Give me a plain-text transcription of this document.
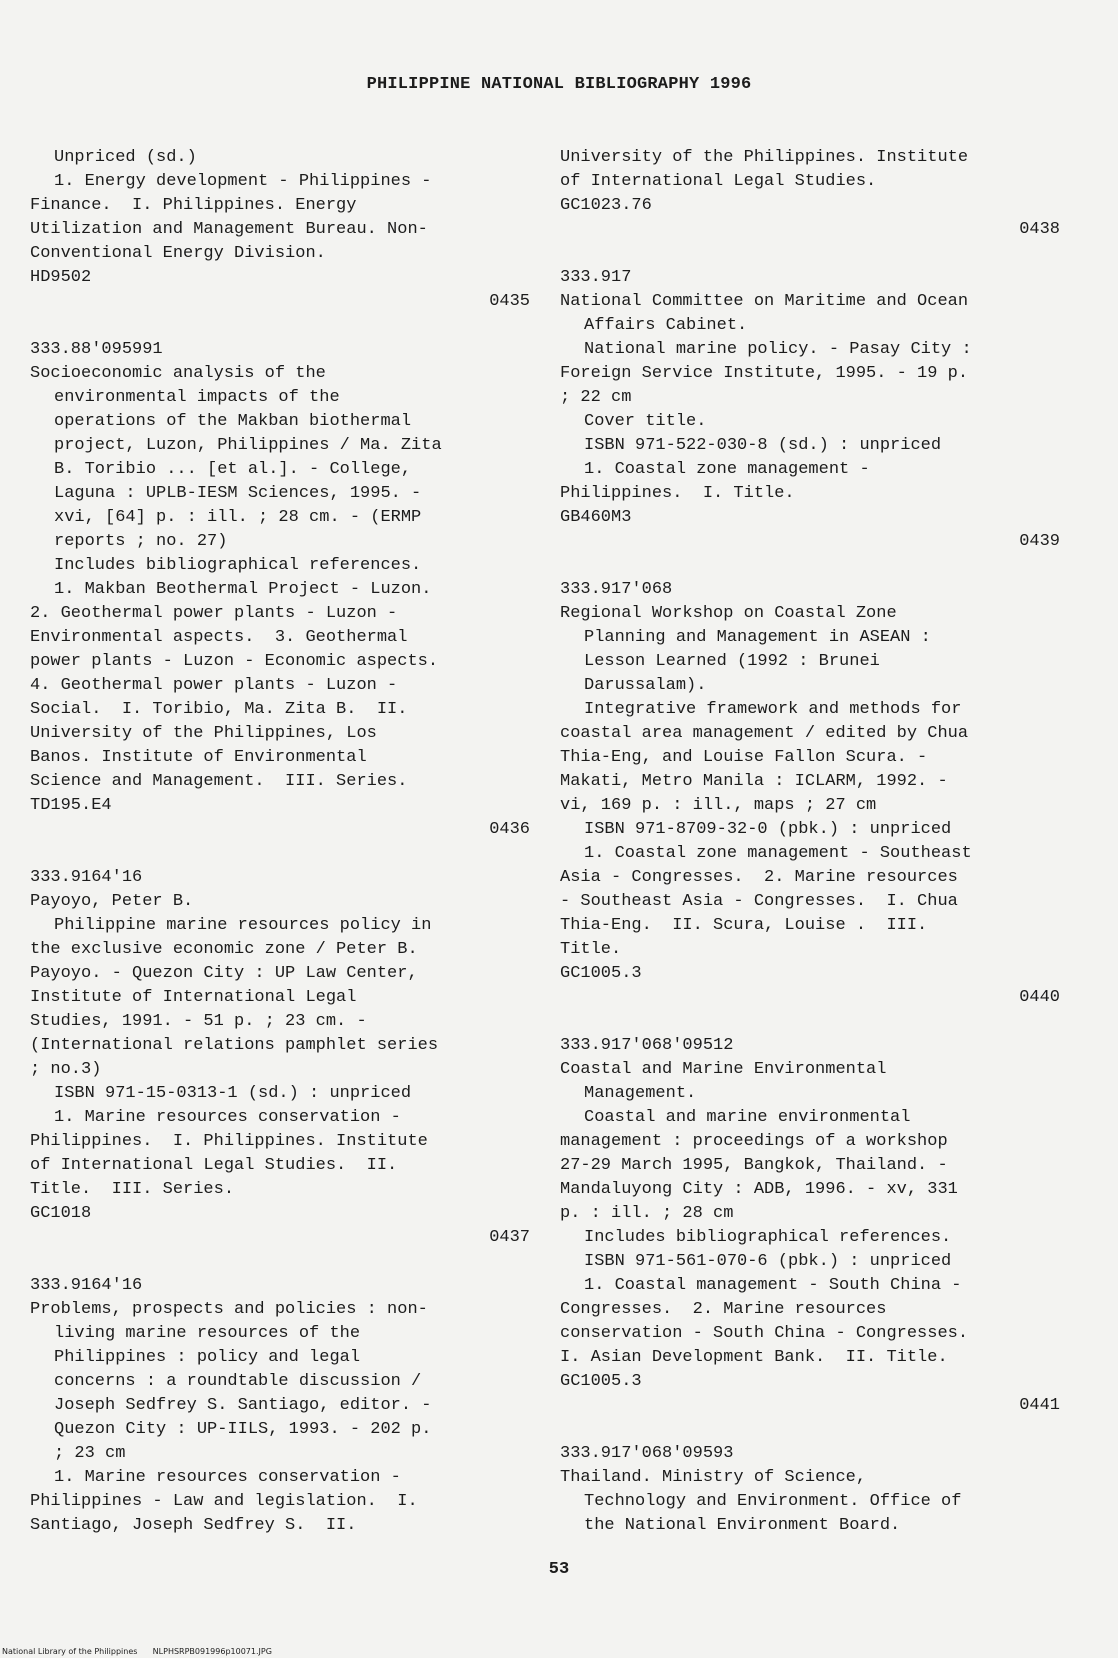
PHILIPPINE NATIONAL BIBLIOGRAPHY 1996
Unpriced (sd.)
1. Energy development - Philippines -
Finance.  I. Philippines. Energy
Utilization and Management Bureau. Non-
Conventional Energy Division.
HD9502
0435
333.88'095991
Socioeconomic analysis of the
environmental impacts of the
operations of the Makban biothermal
project, Luzon, Philippines / Ma. Zita
B. Toribio ... [et al.]. - College,
Laguna : UPLB-IESM Sciences, 1995. -
xvi, [64] p. : ill. ; 28 cm. - (ERMP
reports ; no. 27)
Includes bibliographical references.
1. Makban Beothermal Project - Luzon.
2. Geothermal power plants - Luzon -
Environmental aspects.  3. Geothermal
power plants - Luzon - Economic aspects.
4. Geothermal power plants - Luzon -
Social.  I. Toribio, Ma. Zita B.  II.
University of the Philippines, Los
Banos. Institute of Environmental
Science and Management.  III. Series.
TD195.E4
0436
333.9164'16
Payoyo, Peter B.
Philippine marine resources policy in
the exclusive economic zone / Peter B.
Payoyo. - Quezon City : UP Law Center,
Institute of International Legal
Studies, 1991. - 51 p. ; 23 cm. -
(International relations pamphlet series
; no.3)
ISBN 971-15-0313-1 (sd.) : unpriced
1. Marine resources conservation -
Philippines.  I. Philippines. Institute
of International Legal Studies.  II.
Title.  III. Series.
GC1018
0437
333.9164'16
Problems, prospects and policies : non-
living marine resources of the
Philippines : policy and legal
concerns : a roundtable discussion /
Joseph Sedfrey S. Santiago, editor. -
Quezon City : UP-IILS, 1993. - 202 p.
; 23 cm
1. Marine resources conservation -
Philippines - Law and legislation.  I.
Santiago, Joseph Sedfrey S.  II.
University of the Philippines. Institute
of International Legal Studies.
GC1023.76
0438
333.917
National Committee on Maritime and Ocean
Affairs Cabinet.
National marine policy. - Pasay City :
Foreign Service Institute, 1995. - 19 p.
; 22 cm
Cover title.
ISBN 971-522-030-8 (sd.) : unpriced
1. Coastal zone management -
Philippines.  I. Title.
GB460M3
0439
333.917'068
Regional Workshop on Coastal Zone
Planning and Management in ASEAN :
Lesson Learned (1992 : Brunei
Darussalam).
Integrative framework and methods for
coastal area management / edited by Chua
Thia-Eng, and Louise Fallon Scura. -
Makati, Metro Manila : ICLARM, 1992. -
vi, 169 p. : ill., maps ; 27 cm
ISBN 971-8709-32-0 (pbk.) : unpriced
1. Coastal zone management - Southeast
Asia - Congresses.  2. Marine resources
- Southeast Asia - Congresses.  I. Chua
Thia-Eng.  II. Scura, Louise .  III.
Title.
GC1005.3
0440
333.917'068'09512
Coastal and Marine Environmental
Management.
Coastal and marine environmental
management : proceedings of a workshop
27-29 March 1995, Bangkok, Thailand. -
Mandaluyong City : ADB, 1996. - xv, 331
p. : ill. ; 28 cm
Includes bibliographical references.
ISBN 971-561-070-6 (pbk.) : unpriced
1. Coastal management - South China -
Congresses.  2. Marine resources
conservation - South China - Congresses.
I. Asian Development Bank.  II. Title.
GC1005.3
0441
333.917'068'09593
Thailand. Ministry of Science,
Technology and Environment. Office of
the National Environment Board.
53
National Library of the Philippines      NLPHSRPB091996p10071.JPG
